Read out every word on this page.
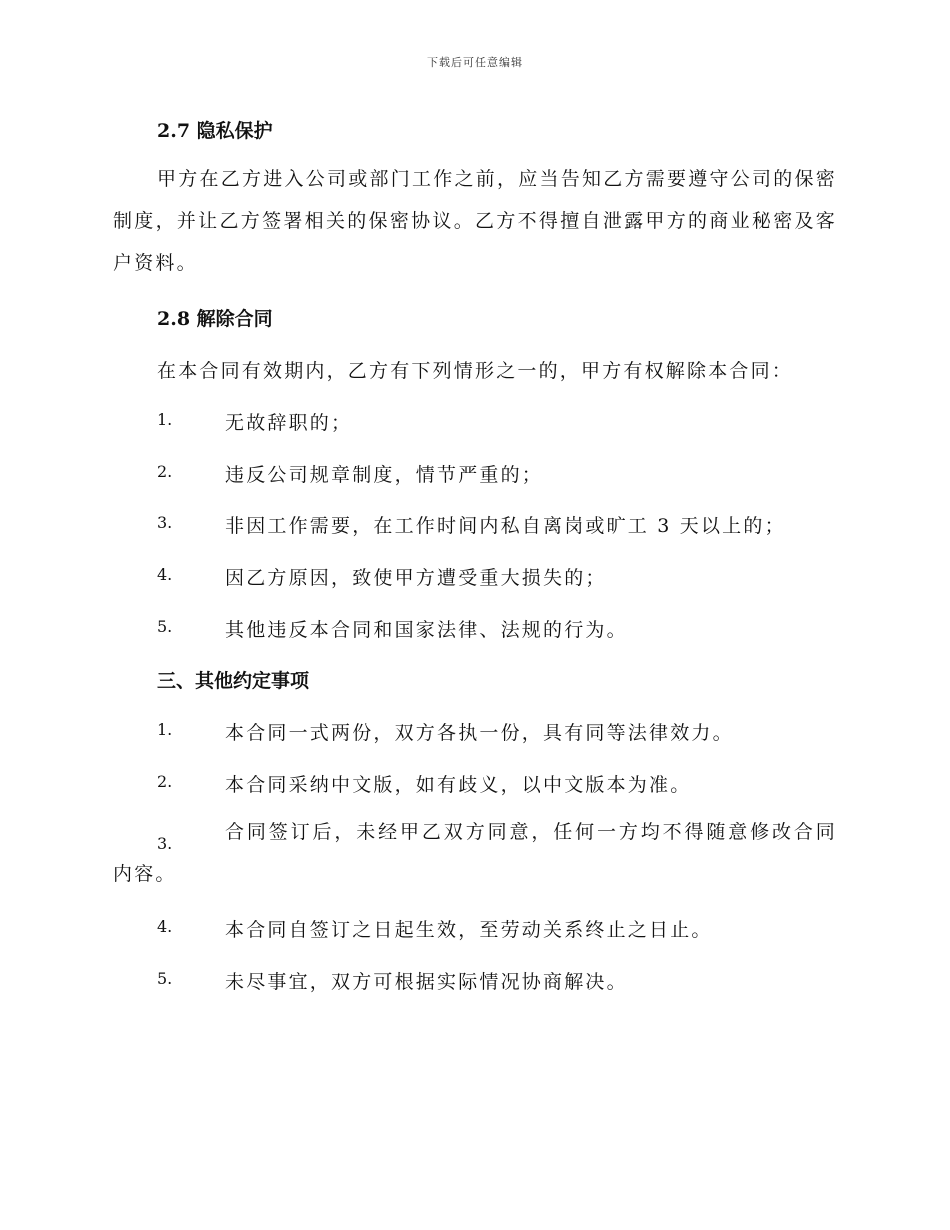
下载后可任意编辑
2.7 隐私保护
甲方在乙方进入公司或部门工作之前，应当告知乙方需要遵守公司的保密制度，并让乙方签署相关的保密协议。乙方不得擅自泄露甲方的商业秘密及客户资料。
2.8 解除合同
在本合同有效期内，乙方有下列情形之一的，甲方有权解除本合同：
1.	无故辞职的；
2.	违反公司规章制度，情节严重的；
3.	非因工作需要，在工作时间内私自离岗或旷工 3 天以上的；
4.	因乙方原因，致使甲方遭受重大损失的；
5.	其他违反本合同和国家法律、法规的行为。
三、其他约定事项
1.	本合同一式两份，双方各执一份，具有同等法律效力。
2.	本合同采纳中文版，如有歧义，以中文版本为准。
3.
合同签订后，未经甲乙双方同意，任何一方均不得随意修改合同内容。
4.	本合同自签订之日起生效，至劳动关系终止之日止。
5.	未尽事宜，双方可根据实际情况协商解决。
